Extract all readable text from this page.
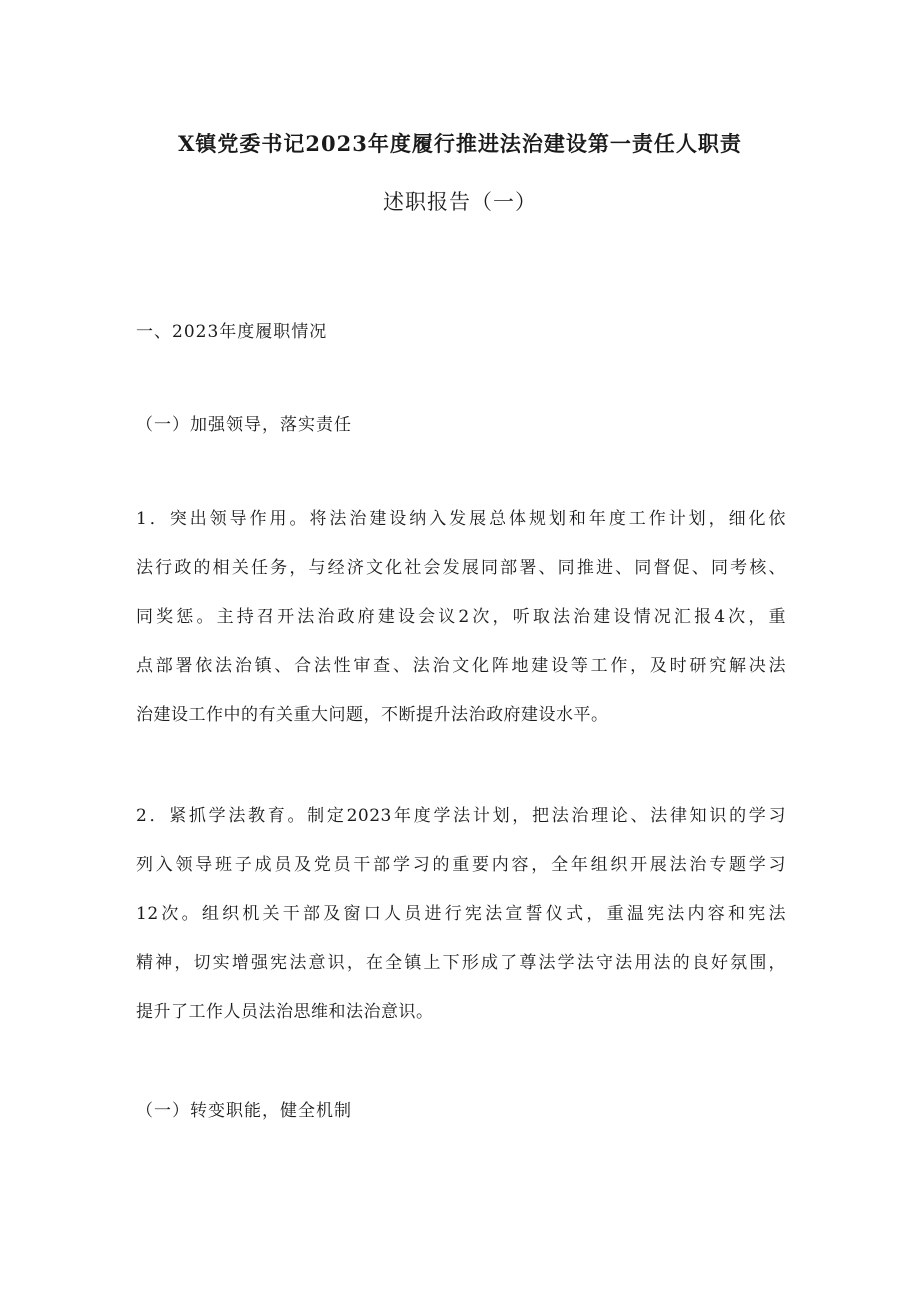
X镇党委书记2023年度履行推进法治建设第一责任人职责
述职报告（一）
一、2023年度履职情况
（一）加强领导，落实责任
1．突出领导作用。将法治建设纳入发展总体规划和年度工作计划，细化依
法行政的相关任务，与经济文化社会发展同部署、同推进、同督促、同考核、
同奖惩。主持召开法治政府建设会议2次，听取法治建设情况汇报4次，重
点部署依法治镇、合法性审查、法治文化阵地建设等工作，及时研究解决法
治建设工作中的有关重大问题，不断提升法治政府建设水平。
2．紧抓学法教育。制定2023年度学法计划，把法治理论、法律知识的学习
列入领导班子成员及党员干部学习的重要内容，全年组织开展法治专题学习
12次。组织机关干部及窗口人员进行宪法宣誓仪式，重温宪法内容和宪法
精神，切实增强宪法意识，在全镇上下形成了尊法学法守法用法的良好氛围，
提升了工作人员法治思维和法治意识。
（一）转变职能，健全机制
